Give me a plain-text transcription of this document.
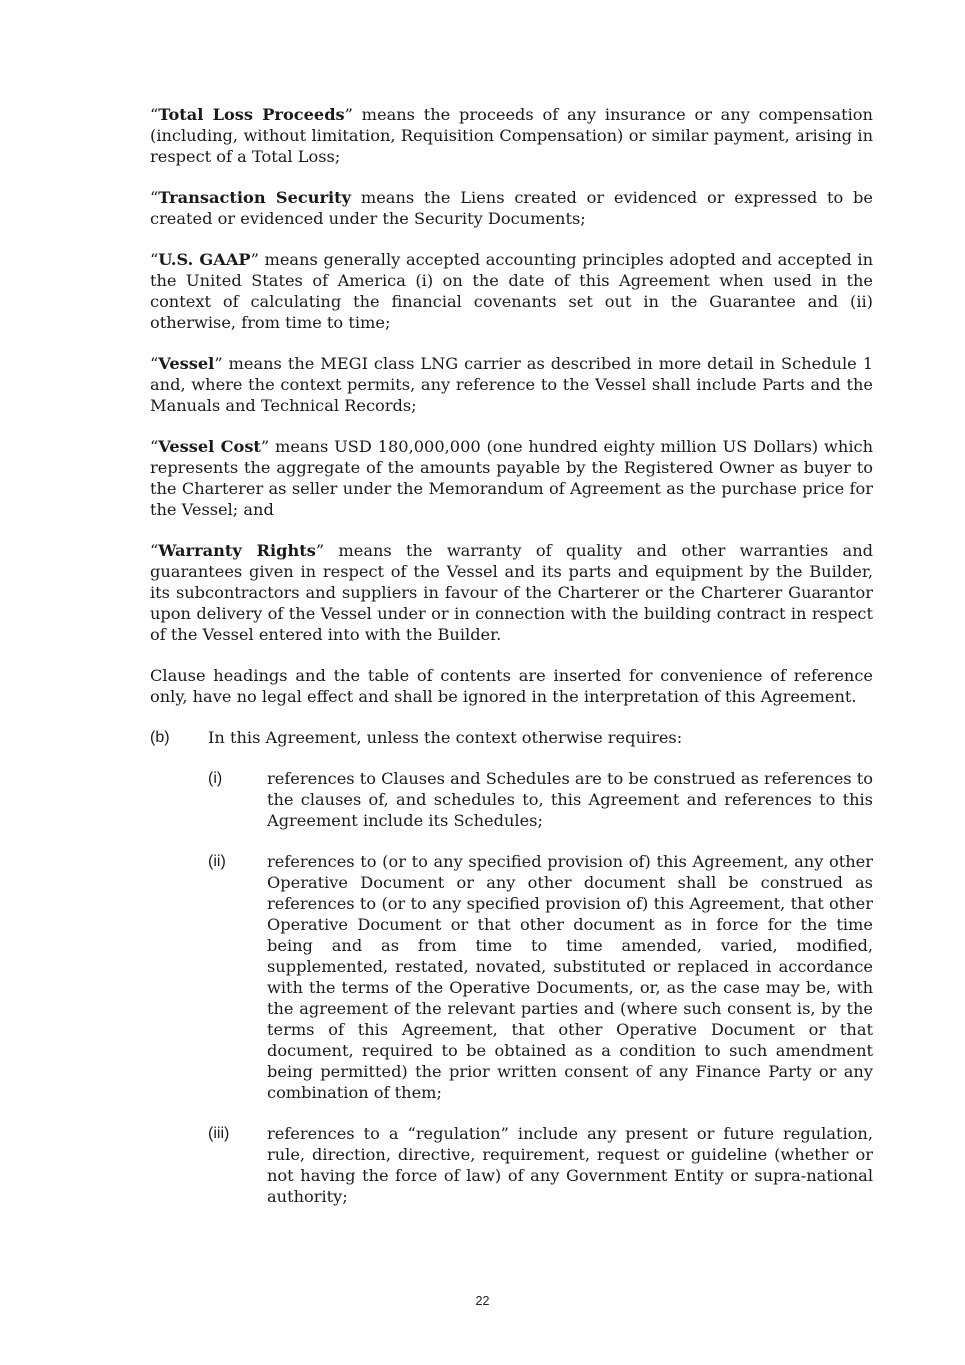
“Total Loss Proceeds” means the proceeds of any insurance or any compensation (including, without limitation, Requisition Compensation) or similar payment, arising in respect of a Total Loss;

“Transaction Security means the Liens created or evidenced or expressed to be created or evidenced under the Security Documents;

“U.S. GAAP” means generally accepted accounting principles adopted and accepted in the United States of America (i) on the date of this Agreement when used in the context of calculating the financial covenants set out in the Guarantee and (ii) otherwise, from time to time;

“Vessel” means the MEGI class LNG carrier as described in more detail in Schedule 1 and, where the context permits, any reference to the Vessel shall include Parts and the Manuals and Technical Records;

“Vessel Cost” means USD 180,000,000 (one hundred eighty million US Dollars) which represents the aggregate of the amounts payable by the Registered Owner as buyer to the Charterer as seller under the Memorandum of Agreement as the purchase price for the Vessel; and

“Warranty Rights” means the warranty of quality and other warranties and guarantees given in respect of the Vessel and its parts and equipment by the Builder, its subcontractors and suppliers in favour of the Charterer or the Charterer Guarantor upon delivery of the Vessel under or in connection with the building contract in respect of the Vessel entered into with the Builder.

Clause headings and the table of contents are inserted for convenience of reference only, have no legal effect and shall be ignored in the interpretation of this Agreement.

(b)	In this Agreement, unless the context otherwise requires:

(i)	references to Clauses and Schedules are to be construed as references to the clauses of, and schedules to, this Agreement and references to this Agreement include its Schedules;

(ii)	references to (or to any specified provision of) this Agreement, any other Operative Document or any other document shall be construed as references to (or to any specified provision of) this Agreement, that other Operative Document or that other document as in force for the time being and as from time to time amended, varied, modified, supplemented, restated, novated, substituted or replaced in accordance with the terms of the Operative Documents, or, as the case may be, with the agreement of the relevant parties and (where such consent is, by the terms of this Agreement, that other Operative Document or that document, required to be obtained as a condition to such amendment being permitted) the prior written consent of any Finance Party or any combination of them;

(iii)	references to a “regulation” include any present or future regulation, rule, direction, directive, requirement, request or guideline (whether or not having the force of law) of any Government Entity or supra-national authority;

22
